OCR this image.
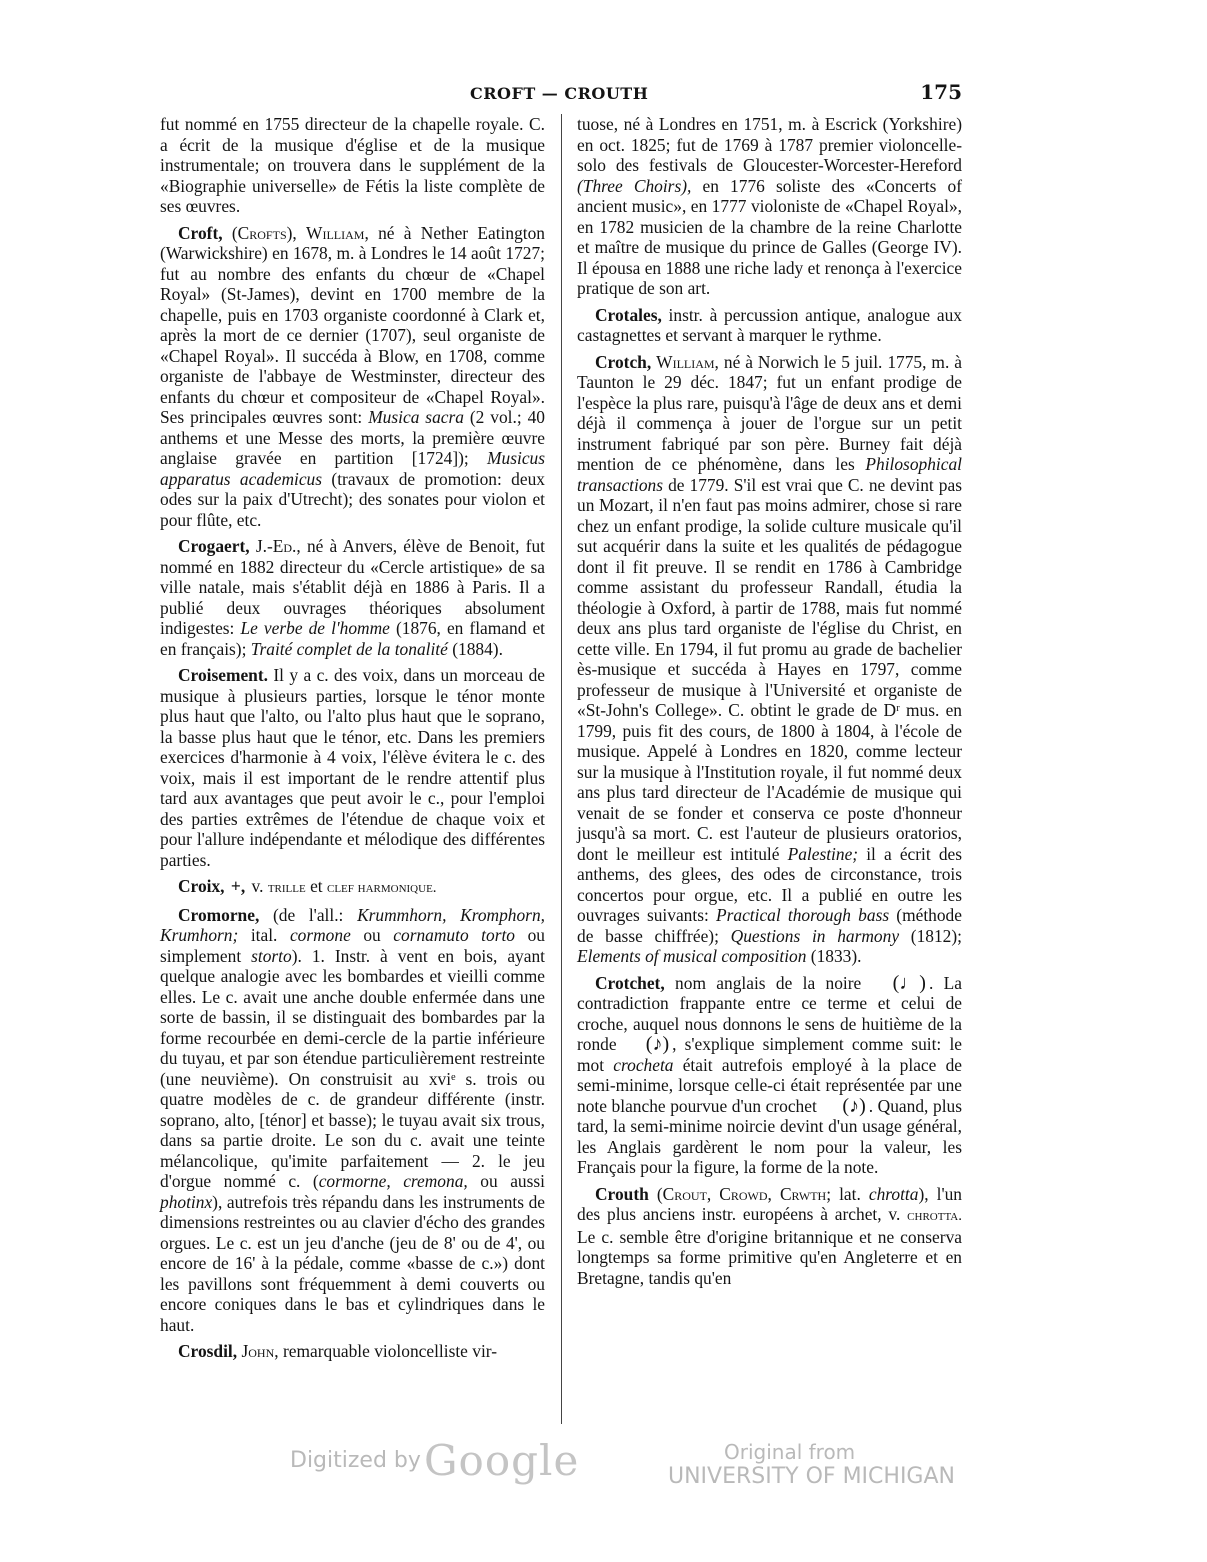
CROFT — CROUTH	175

fut nommé en 1755 directeur de la chapelle royale. C. a écrit de la musique d'église et de la musique instrumentale; on trouvera dans le supplément de la «Biographie universelle» de Fétis la liste complète de ses œuvres.

Croft, (Crofts), William, né à Nether Eatington (Warwickshire) en 1678, m. à Londres le 14 août 1727; fut au nombre des enfants du chœur de «Chapel Royal» (St-James), devint en 1700 membre de la chapelle, puis en 1703 organiste coordonné à Clark et, après la mort de ce dernier (1707), seul organiste de «Chapel Royal». Il succéda à Blow, en 1708, comme organiste de l'abbaye de Westminster, directeur des enfants du chœur et compositeur de «Chapel Royal». Ses principales œuvres sont: Musica sacra (2 vol.; 40 anthems et une Messe des morts, la première œuvre anglaise gravée en partition [1724]); Musicus apparatus academicus (travaux de promotion: deux odes sur la paix d'Utrecht); des sonates pour violon et pour flûte, etc.

Crogaert, J.-Ed., né à Anvers, élève de Benoit, fut nommé en 1882 directeur du «Cercle artistique» de sa ville natale, mais s'établit déjà en 1886 à Paris. Il a publié deux ouvrages théoriques absolument indigestes: Le verbe de l'homme (1876, en flamand et en français); Traité complet de la tonalité (1884).

Croisement. Il y a c. des voix, dans un morceau de musique à plusieurs parties, lorsque le ténor monte plus haut que l'alto, ou l'alto plus haut que le soprano, la basse plus haut que le ténor, etc. Dans les premiers exercices d'harmonie à 4 voix, l'élève évitera le c. des voix, mais il est important de le rendre attentif plus tard aux avantages que peut avoir le c., pour l'emploi des parties extrêmes de l'étendue de chaque voix et pour l'allure indépendante et mélodique des différentes parties.

Croix, +, v. trille et clef harmonique.

Cromorne, (de l'all.: Krummhorn, Kromphorn, Krumhorn; ital. cormone ou cornamuto torto ou simplement storto). 1. Instr. à vent en bois, ayant quelque analogie avec les bombardes et vieilli comme elles. Le c. avait une anche double enfermée dans une sorte de bassin, il se distinguait des bombardes par la forme recourbée en demi-cercle de la partie inférieure du tuyau, et par son étendue particulièrement restreinte (une neuvième). On construisit au xviᵉ s. trois ou quatre modèles de c. de grandeur différente (instr. soprano, alto, [ténor] et basse); le tuyau avait six trous, dans sa partie droite. Le son du c. avait une teinte mélancolique, qu'imite parfaitement — 2. le jeu d'orgue nommé c. (cormorne, cremona, ou aussi photinx), autrefois très répandu dans les instruments de dimensions restreintes ou au clavier d'écho des grandes orgues. Le c. est un jeu d'anche (jeu de 8' ou de 4', ou encore de 16' à la pédale, comme «basse de c.») dont les pavillons sont fréquemment à demi couverts ou encore coniques dans le bas et cylindriques dans le haut.

Crosdil, John, remarquable violoncelliste vir-

tuose, né à Londres en 1751, m. à Escrick (Yorkshire) en oct. 1825; fut de 1769 à 1787 premier violoncelle-solo des festivals de Gloucester-Worcester-Hereford (Three Choirs), en 1776 soliste des «Concerts of ancient music», en 1777 violoniste de «Chapel Royal», en 1782 musicien de la chambre de la reine Charlotte et maître de musique du prince de Galles (George IV). Il épousa en 1888 une riche lady et renonça à l'exercice pratique de son art.

Crotales, instr. à percussion antique, analogue aux castagnettes et servant à marquer le rythme.

Crotch, William, né à Norwich le 5 juil. 1775, m. à Taunton le 29 déc. 1847; fut un enfant prodige de l'espèce la plus rare, puisqu'à l'âge de deux ans et demi déjà il commença à jouer de l'orgue sur un petit instrument fabriqué par son père. Burney fait déjà mention de ce phénomène, dans les Philosophical transactions de 1779. S'il est vrai que C. ne devint pas un Mozart, il n'en faut pas moins admirer, chose si rare chez un enfant prodige, la solide culture musicale qu'il sut acquérir dans la suite et les qualités de pédagogue dont il fit preuve. Il se rendit en 1786 à Cambridge comme assistant du professeur Randall, étudia la théologie à Oxford, à partir de 1788, mais fut nommé deux ans plus tard organiste de l'église du Christ, en cette ville. En 1794, il fut promu au grade de bachelier ès-musique et succéda à Hayes en 1797, comme professeur de musique à l'Université et organiste de «St-John's College». C. obtint le grade de Dʳ mus. en 1799, puis fit des cours, de 1800 à 1804, à l'école de musique. Appelé à Londres en 1820, comme lecteur sur la musique à l'Institution royale, il fut nommé deux ans plus tard directeur de l'Académie de musique qui venait de se fonder et conserva ce poste d'honneur jusqu'à sa mort. C. est l'auteur de plusieurs oratorios, dont le meilleur est intitulé Palestine; il a écrit des anthems, des glees, des odes de circonstance, trois concertos pour orgue, etc. Il a publié en outre les ouvrages suivants: Practical thorough bass (méthode de basse chiffrée); Questions in harmony (1812); Elements of musical composition (1833).

Crotchet, nom anglais de la noire (♩) . La contradiction frappante entre ce terme et celui de croche, auquel nous donnons le sens de huitième de la ronde (♪) , s'explique simplement comme suit: le mot crocheta était autrefois employé à la place de semi-minime, lorsque celle-ci était représentée par une note blanche pourvue d'un crochet (♪) . Quand, plus tard, la semi-minime noircie devint d'un usage général, les Anglais gardèrent le nom pour la valeur, les Français pour la figure, la forme de la note.

Crouth (Crout, Crowd, Crwth; lat. chrotta), l'un des plus anciens instr. européens à archet, v. chrotta. Le c. semble être d'origine britannique et ne conserva longtemps sa forme primitive qu'en Angleterre et en Bretagne, tandis qu'en

Digitized by Google	Original from
UNIVERSITY OF MICHIGAN
